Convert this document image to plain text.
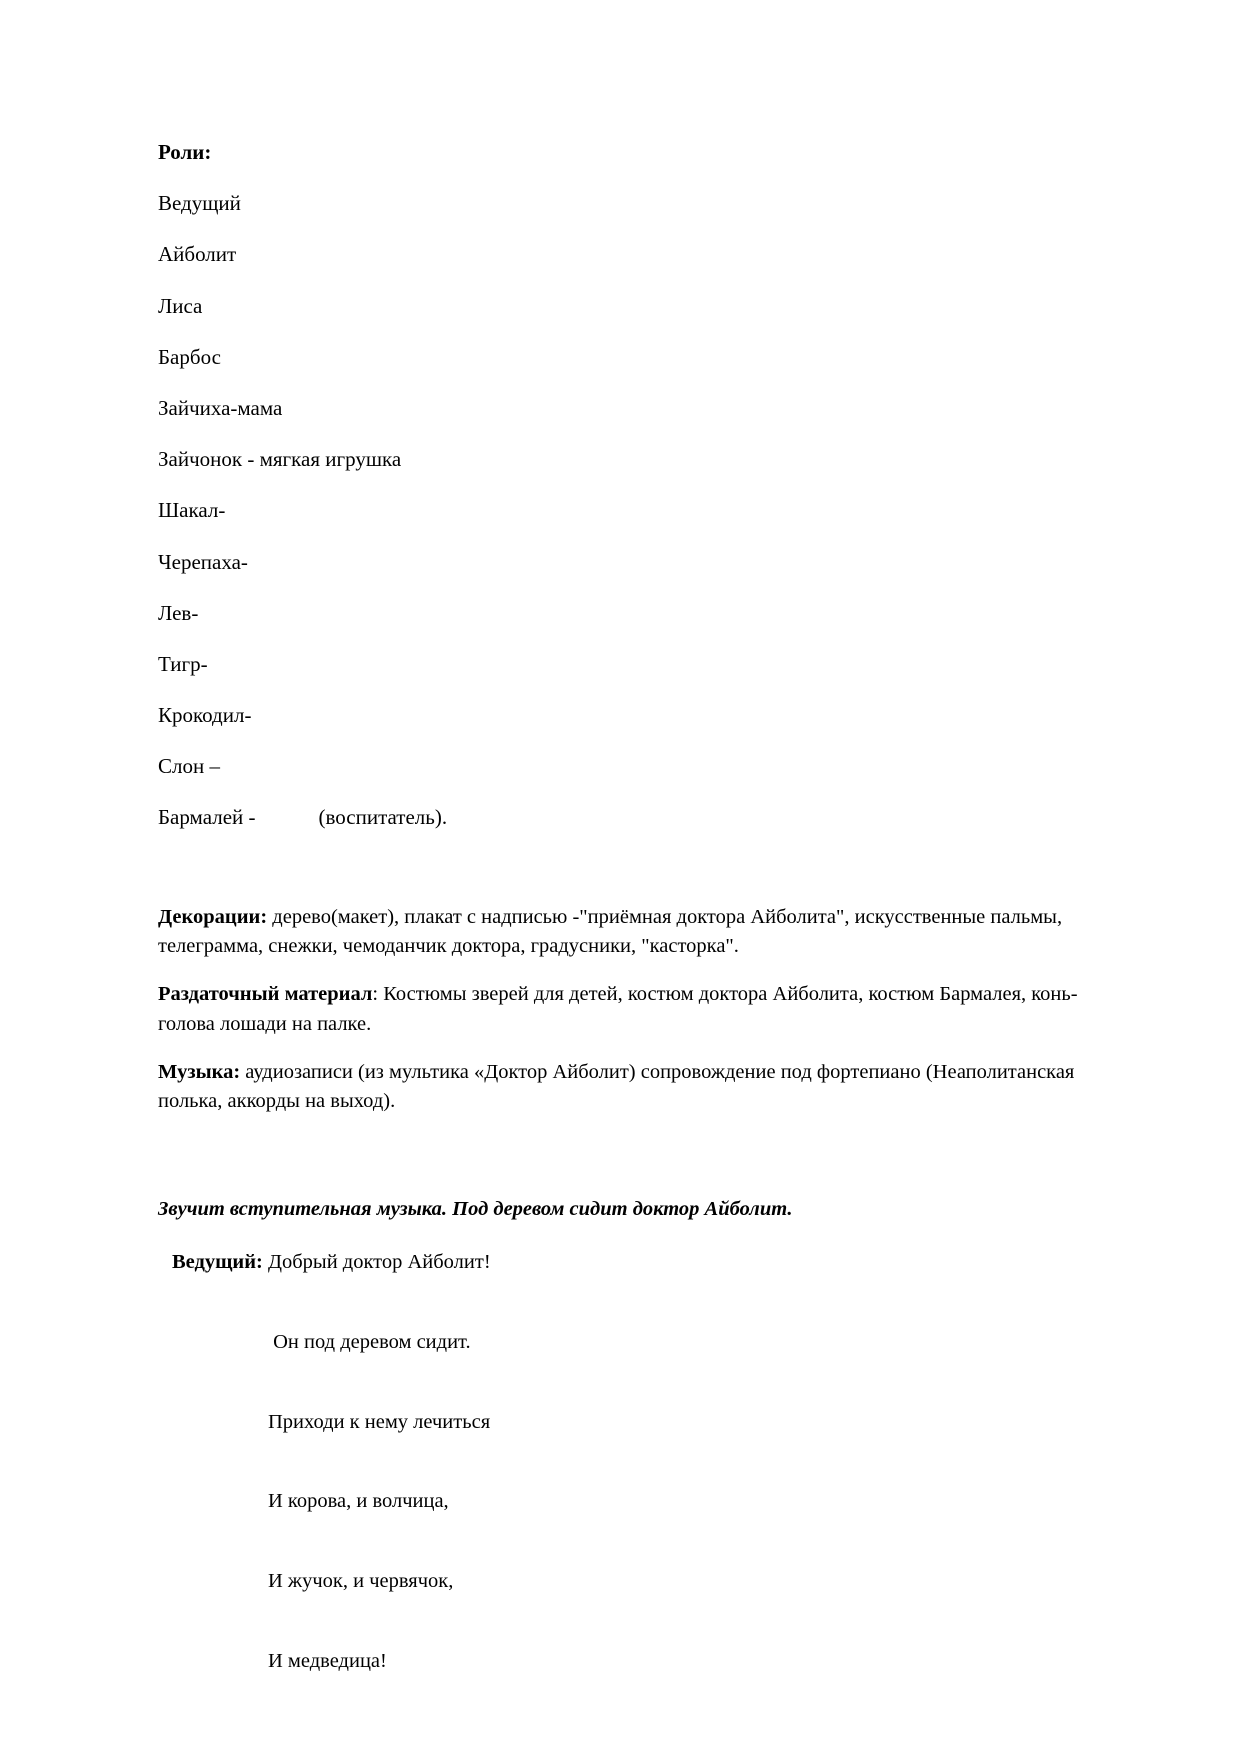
Роли:

Ведущий

Айболит

Лиса

Барбос

Зайчиха-мама

Зайчонок - мягкая игрушка

Шакал-

Черепаха-

Лев-

Тигр-

Крокодил-

Слон –

Бармалей -            (воспитатель).

Декорации: дерево(макет), плакат с надписью -"приёмная доктора Айболита", искусственные пальмы, телеграмма, снежки, чемоданчик доктора, градусники, "касторка".

Раздаточный материал: Костюмы зверей для детей, костюм доктора Айболита, костюм Бармалея, конь-голова лошади на палке.

Музыка: аудиозаписи (из мультика «Доктор Айболит) сопровождение под фортепиано (Неаполитанская полька, аккорды на выход).

Звучит вступительная музыка. Под деревом сидит доктор Айболит.

Ведущий: Добрый доктор Айболит!

Он под деревом сидит.

Приходи к нему лечиться

И корова, и волчица,

И жучок, и червячок,

И медведица!
